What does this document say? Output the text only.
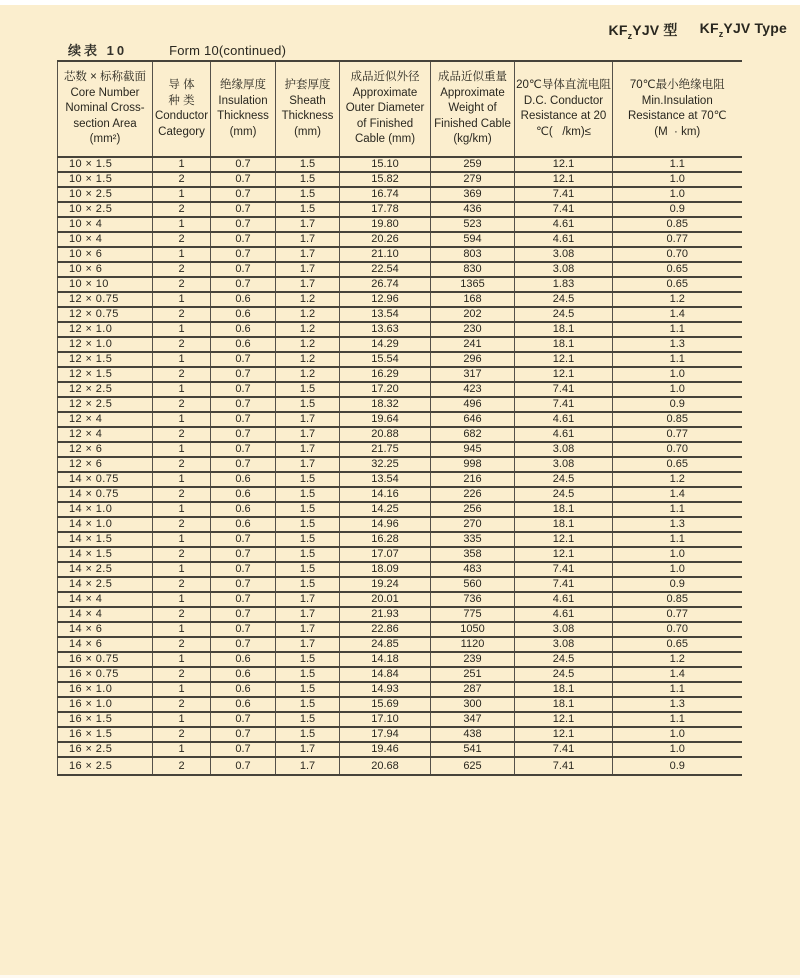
$KF_zYJV$ 型 $KF_zYJV$ Type
续表 10	Form 10(continued)
芯数 × 标称截面
Core Number
Nominal Cross-
section Area
(mm²)	导 体
种 类
Conductor
Category	绝缘厚度
Insulation
Thickness
(mm)	护套厚度
Sheath
Thickness
(mm)	成品近似外径
Approximate
Outer Diameter
of Finished
Cable (mm)	成品近似重量
Approximate
Weight of
Finished Cable
(kg/km)	20℃导体直流电阻
D.C. Conductor
Resistance at 20
℃(   /km)≤	70℃最小绝缘电阻
Min.Insulation
Resistance at 70℃
(M  · km)
10 × 1.5	1	0.7	1.5	15.10	259	12.1	1.1
10 × 1.5	2	0.7	1.5	15.82	279	12.1	1.0
10 × 2.5	1	0.7	1.5	16.74	369	7.41	1.0
10 × 2.5	2	0.7	1.5	17.78	436	7.41	0.9
10 × 4	1	0.7	1.7	19.80	523	4.61	0.85
10 × 4	2	0.7	1.7	20.26	594	4.61	0.77
10 × 6	1	0.7	1.7	21.10	803	3.08	0.70
10 × 6	2	0.7	1.7	22.54	830	3.08	0.65
10 × 10	2	0.7	1.7	26.74	1365	1.83	0.65
12 × 0.75	1	0.6	1.2	12.96	168	24.5	1.2
12 × 0.75	2	0.6	1.2	13.54	202	24.5	1.4
12 × 1.0	1	0.6	1.2	13.63	230	18.1	1.1
12 × 1.0	2	0.6	1.2	14.29	241	18.1	1.3
12 × 1.5	1	0.7	1.2	15.54	296	12.1	1.1
12 × 1.5	2	0.7	1.2	16.29	317	12.1	1.0
12 × 2.5	1	0.7	1.5	17.20	423	7.41	1.0
12 × 2.5	2	0.7	1.5	18.32	496	7.41	0.9
12 × 4	1	0.7	1.7	19.64	646	4.61	0.85
12 × 4	2	0.7	1.7	20.88	682	4.61	0.77
12 × 6	1	0.7	1.7	21.75	945	3.08	0.70
12 × 6	2	0.7	1.7	32.25	998	3.08	0.65
14 × 0.75	1	0.6	1.5	13.54	216	24.5	1.2
14 × 0.75	2	0.6	1.5	14.16	226	24.5	1.4
14 × 1.0	1	0.6	1.5	14.25	256	18.1	1.1
14 × 1.0	2	0.6	1.5	14.96	270	18.1	1.3
14 × 1.5	1	0.7	1.5	16.28	335	12.1	1.1
14 × 1.5	2	0.7	1.5	17.07	358	12.1	1.0
14 × 2.5	1	0.7	1.5	18.09	483	7.41	1.0
14 × 2.5	2	0.7	1.5	19.24	560	7.41	0.9
14 × 4	1	0.7	1.7	20.01	736	4.61	0.85
14 × 4	2	0.7	1.7	21.93	775	4.61	0.77
14 × 6	1	0.7	1.7	22.86	1050	3.08	0.70
14 × 6	2	0.7	1.7	24.85	1120	3.08	0.65
16 × 0.75	1	0.6	1.5	14.18	239	24.5	1.2
16 × 0.75	2	0.6	1.5	14.84	251	24.5	1.4
16 × 1.0	1	0.6	1.5	14.93	287	18.1	1.1
16 × 1.0	2	0.6	1.5	15.69	300	18.1	1.3
16 × 1.5	1	0.7	1.5	17.10	347	12.1	1.1
16 × 1.5	2	0.7	1.5	17.94	438	12.1	1.0
16 × 2.5	1	0.7	1.7	19.46	541	7.41	1.0
16 × 2.5	2	0.7	1.7	20.68	625	7.41	0.9
